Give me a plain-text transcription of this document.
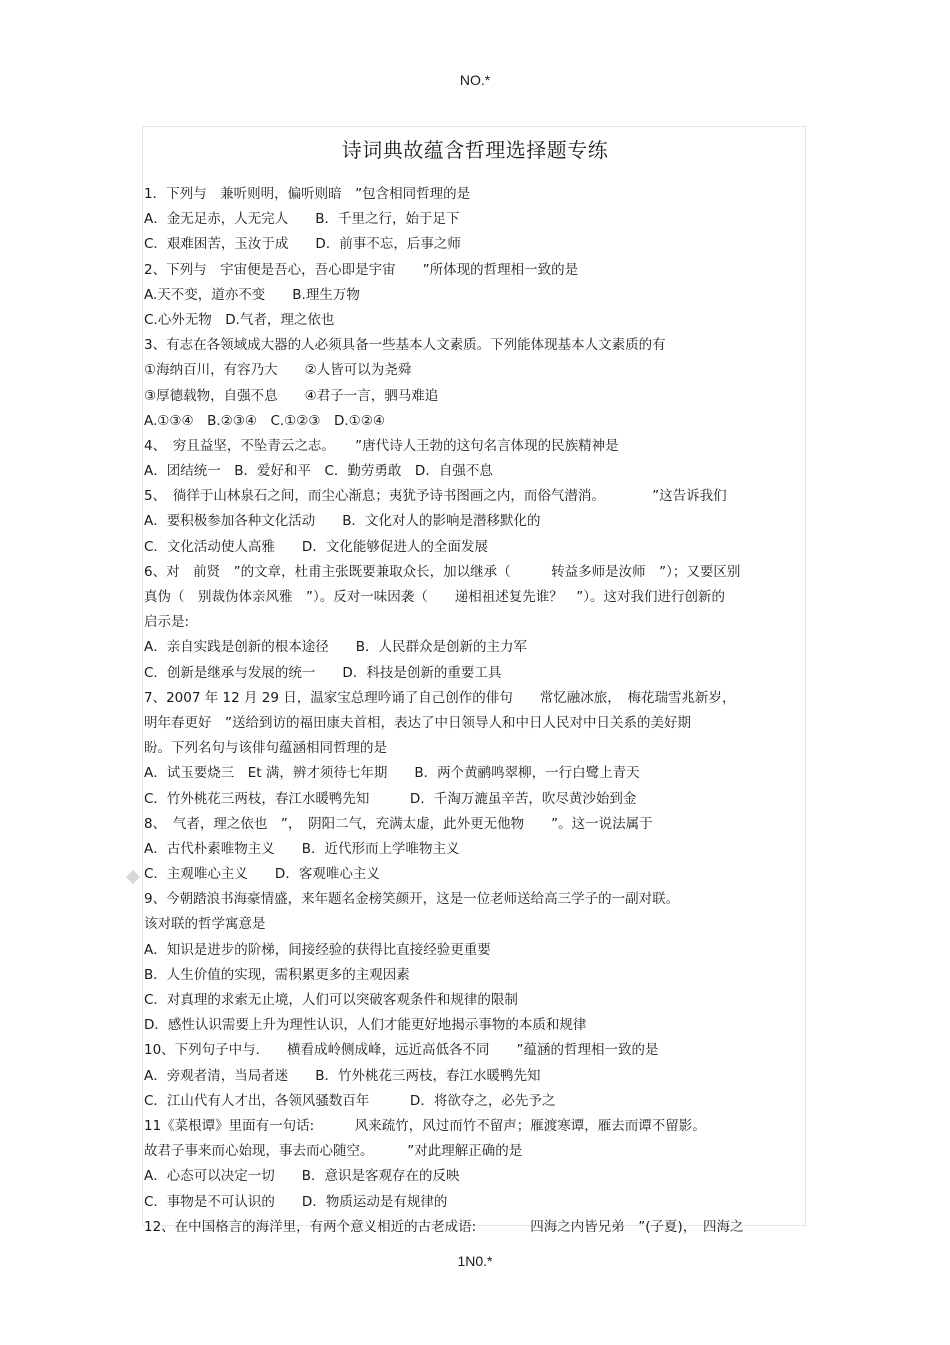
NO.*
诗词典故蕴含哲理选择题专练
1．下列与　兼听则明，偏听则暗　”包含相同哲理的是
A．金无足赤，人无完人　　B．千里之行，始于足下
C．艰难困苦，玉汝于成　　D．前事不忘，后事之师
2、下列与　宇宙便是吾心，吾心即是宇宙　　”所体现的哲理相一致的是
A.天不变，道亦不变　　B.理生万物
C.心外无物　D.气者，理之依也
3、有志在各领域成大器的人必须具备一些基本人文素质。下列能体现基本人文素质的有
①海纳百川，有容乃大　　②人皆可以为尧舜
③厚德载物，自强不息　　④君子一言，驷马难追
A.①③④　B.②③④　C.①②③　D.①②④
4、　穷且益坚，不坠青云之志。　　”唐代诗人王勃的这句名言体现的民族精神是
A．团结统一　B．爱好和平　C．勤劳勇敢　D．自强不息
5、　徜徉于山林泉石之间，而尘心渐息；夷犹予诗书图画之内，而俗气潜消。　　　　”这告诉我们
A．要积极参加各种文化活动　　B．文化对人的影响是潜移默化的
C．文化活动使人高雅　　D．文化能够促进人的全面发展
6、对　前贤　”的文章，杜甫主张既要兼取众长，加以继承（　　　转益多师是汝师　”）；又要区别
真伪（　别裁伪体亲风雅　”）。反对一味因袭（　　递相祖述复先谁？　”）。这对我们进行创新的
启示是:
A．亲自实践是创新的根本途径　　B．人民群众是创新的主力军
C．创新是继承与发展的统一　　D．科技是创新的重要工具
7、2007 年 12 月 29 日，温家宝总理吟诵了自己创作的俳句　　常忆融冰旅，　梅花瑞雪兆新岁，
明年春更好　”送给到访的福田康夫首相，表达了中日领导人和中日人民对中日关系的美好期
盼。下列名句与该俳句蕴涵相同哲理的是
A．试玉要烧三　Et 满，辨才须待七年期　　B．两个黄鹂鸣翠柳，一行白鹭上青天
C．竹外桃花三两枝，春江水暖鸭先知　　　D．千淘万漉虽辛苦，吹尽黄沙始到金
8、　气者，理之依也　”，　阴阳二气，充满太虚，此外更无他物　　”。这一说法属于
A．古代朴素唯物主义　　B．近代形而上学唯物主义
C．主观唯心主义　　D．客观唯心主义
9、今朝踏浪书海豪情盛，来年题名金榜笑颜开，这是一位老师送给高三学子的一副对联。
该对联的哲学寓意是
A．知识是进步的阶梯，间接经验的获得比直接经验更重要
B．人生价值的实现，需积累更多的主观因素
C．对真理的求索无止境，人们可以突破客观条件和规律的限制
D．感性认识需要上升为理性认识，人们才能更好地揭示事物的本质和规律
10、下列句子中与.　　横看成岭侧成峰，远近高低各不同　　”蕴涵的哲理相一致的是
A．旁观者清，当局者迷　　B．竹外桃花三两枝，春江水暖鸭先知
C．江山代有人才出，各领风骚数百年　　　D．将欲夺之，必先予之
11《菜根谭》里面有一句话:　　　风来疏竹，风过而竹不留声；雁渡寒谭，雁去而谭不留影。
故君子事来而心始现，事去而心随空。　　　”对此理解正确的是
A．心态可以决定一切　　B．意识是客观存在的反映
C．事物是不可认识的　　D．物质运动是有规律的
12、在中国格言的海洋里，有两个意义相近的古老成语:　　　　四海之内皆兄弟　”(子夏)，　四海之
1N0.*
